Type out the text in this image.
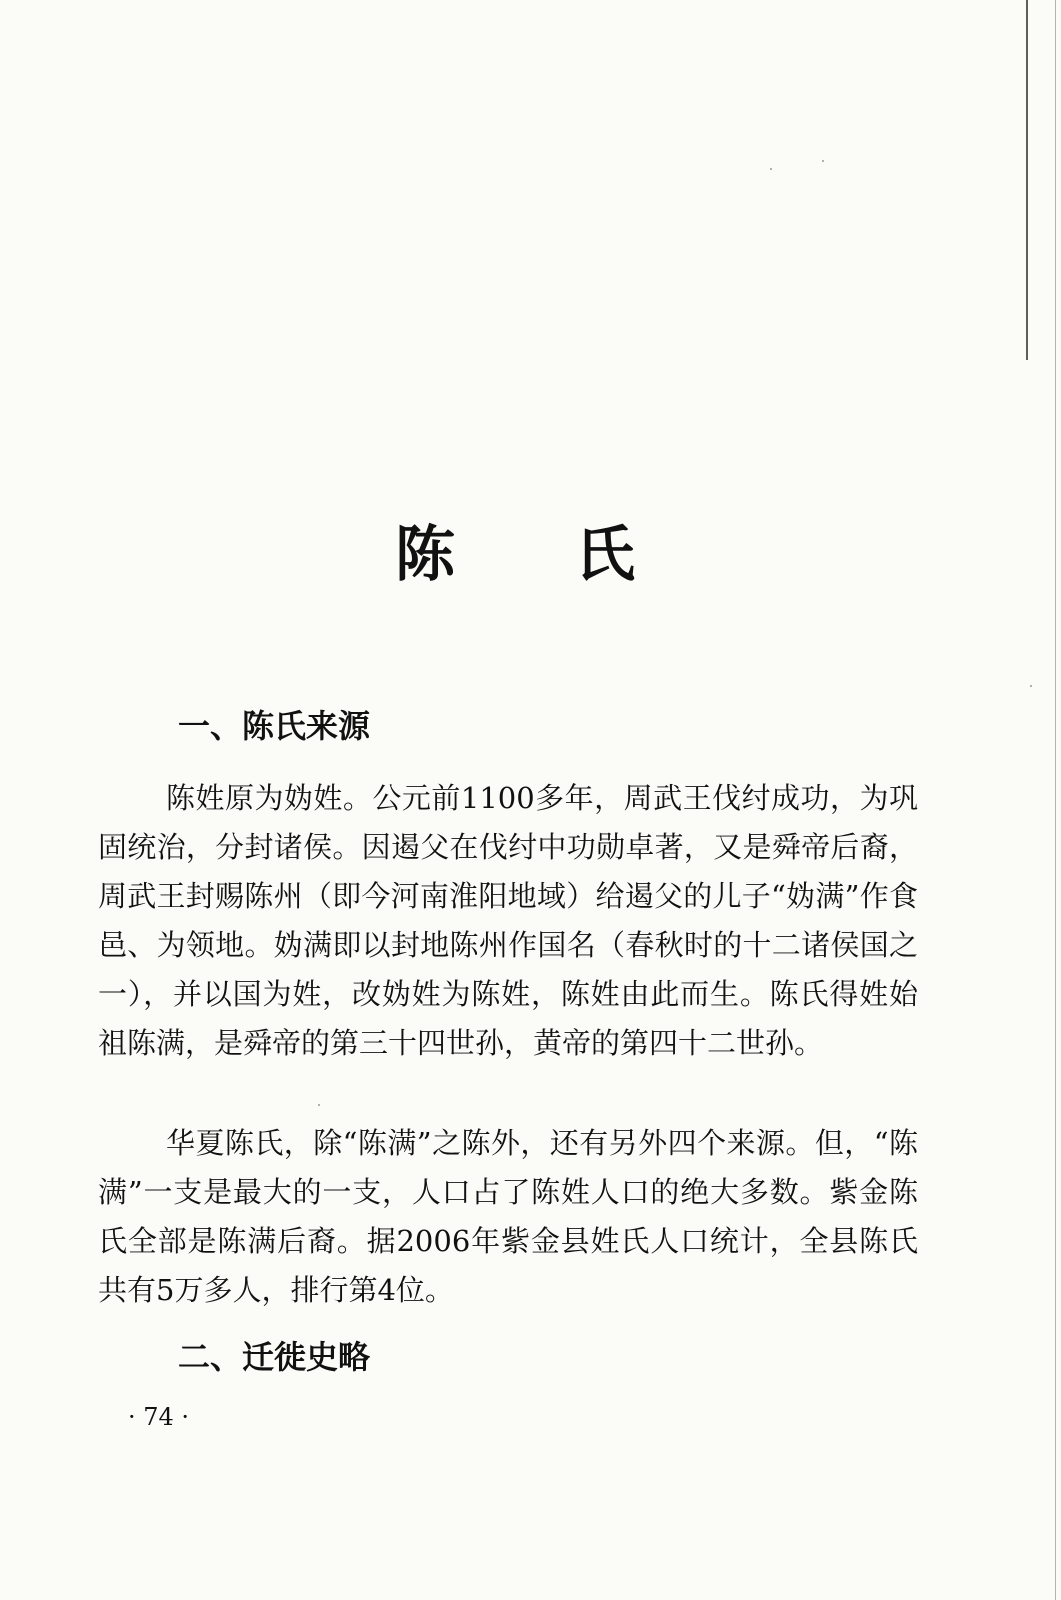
陈 氏
一、陈氏来源

陈姓原为妫姓。公元前1100多年，周武王伐纣成功，为巩固统治，分封诸侯。因遏父在伐纣中功勋卓著，又是舜帝后裔，周武王封赐陈州（即今河南淮阳地域）给遏父的儿子“妫满”作食邑、为领地。妫满即以封地陈州作国名（春秋时的十二诸侯国之一），并以国为姓，改妫姓为陈姓，陈姓由此而生。陈氏得姓始祖陈满，是舜帝的第三十四世孙，黄帝的第四十二世孙。

华夏陈氏，除“陈满”之陈外，还有另外四个来源。但，“陈满”一支是最大的一支，人口占了陈姓人口的绝大多数。紫金陈氏全部是陈满后裔。据2006年紫金县姓氏人口统计，全县陈氏共有5万多人，排行第4位。

二、迁徙史略
· 74 ·
